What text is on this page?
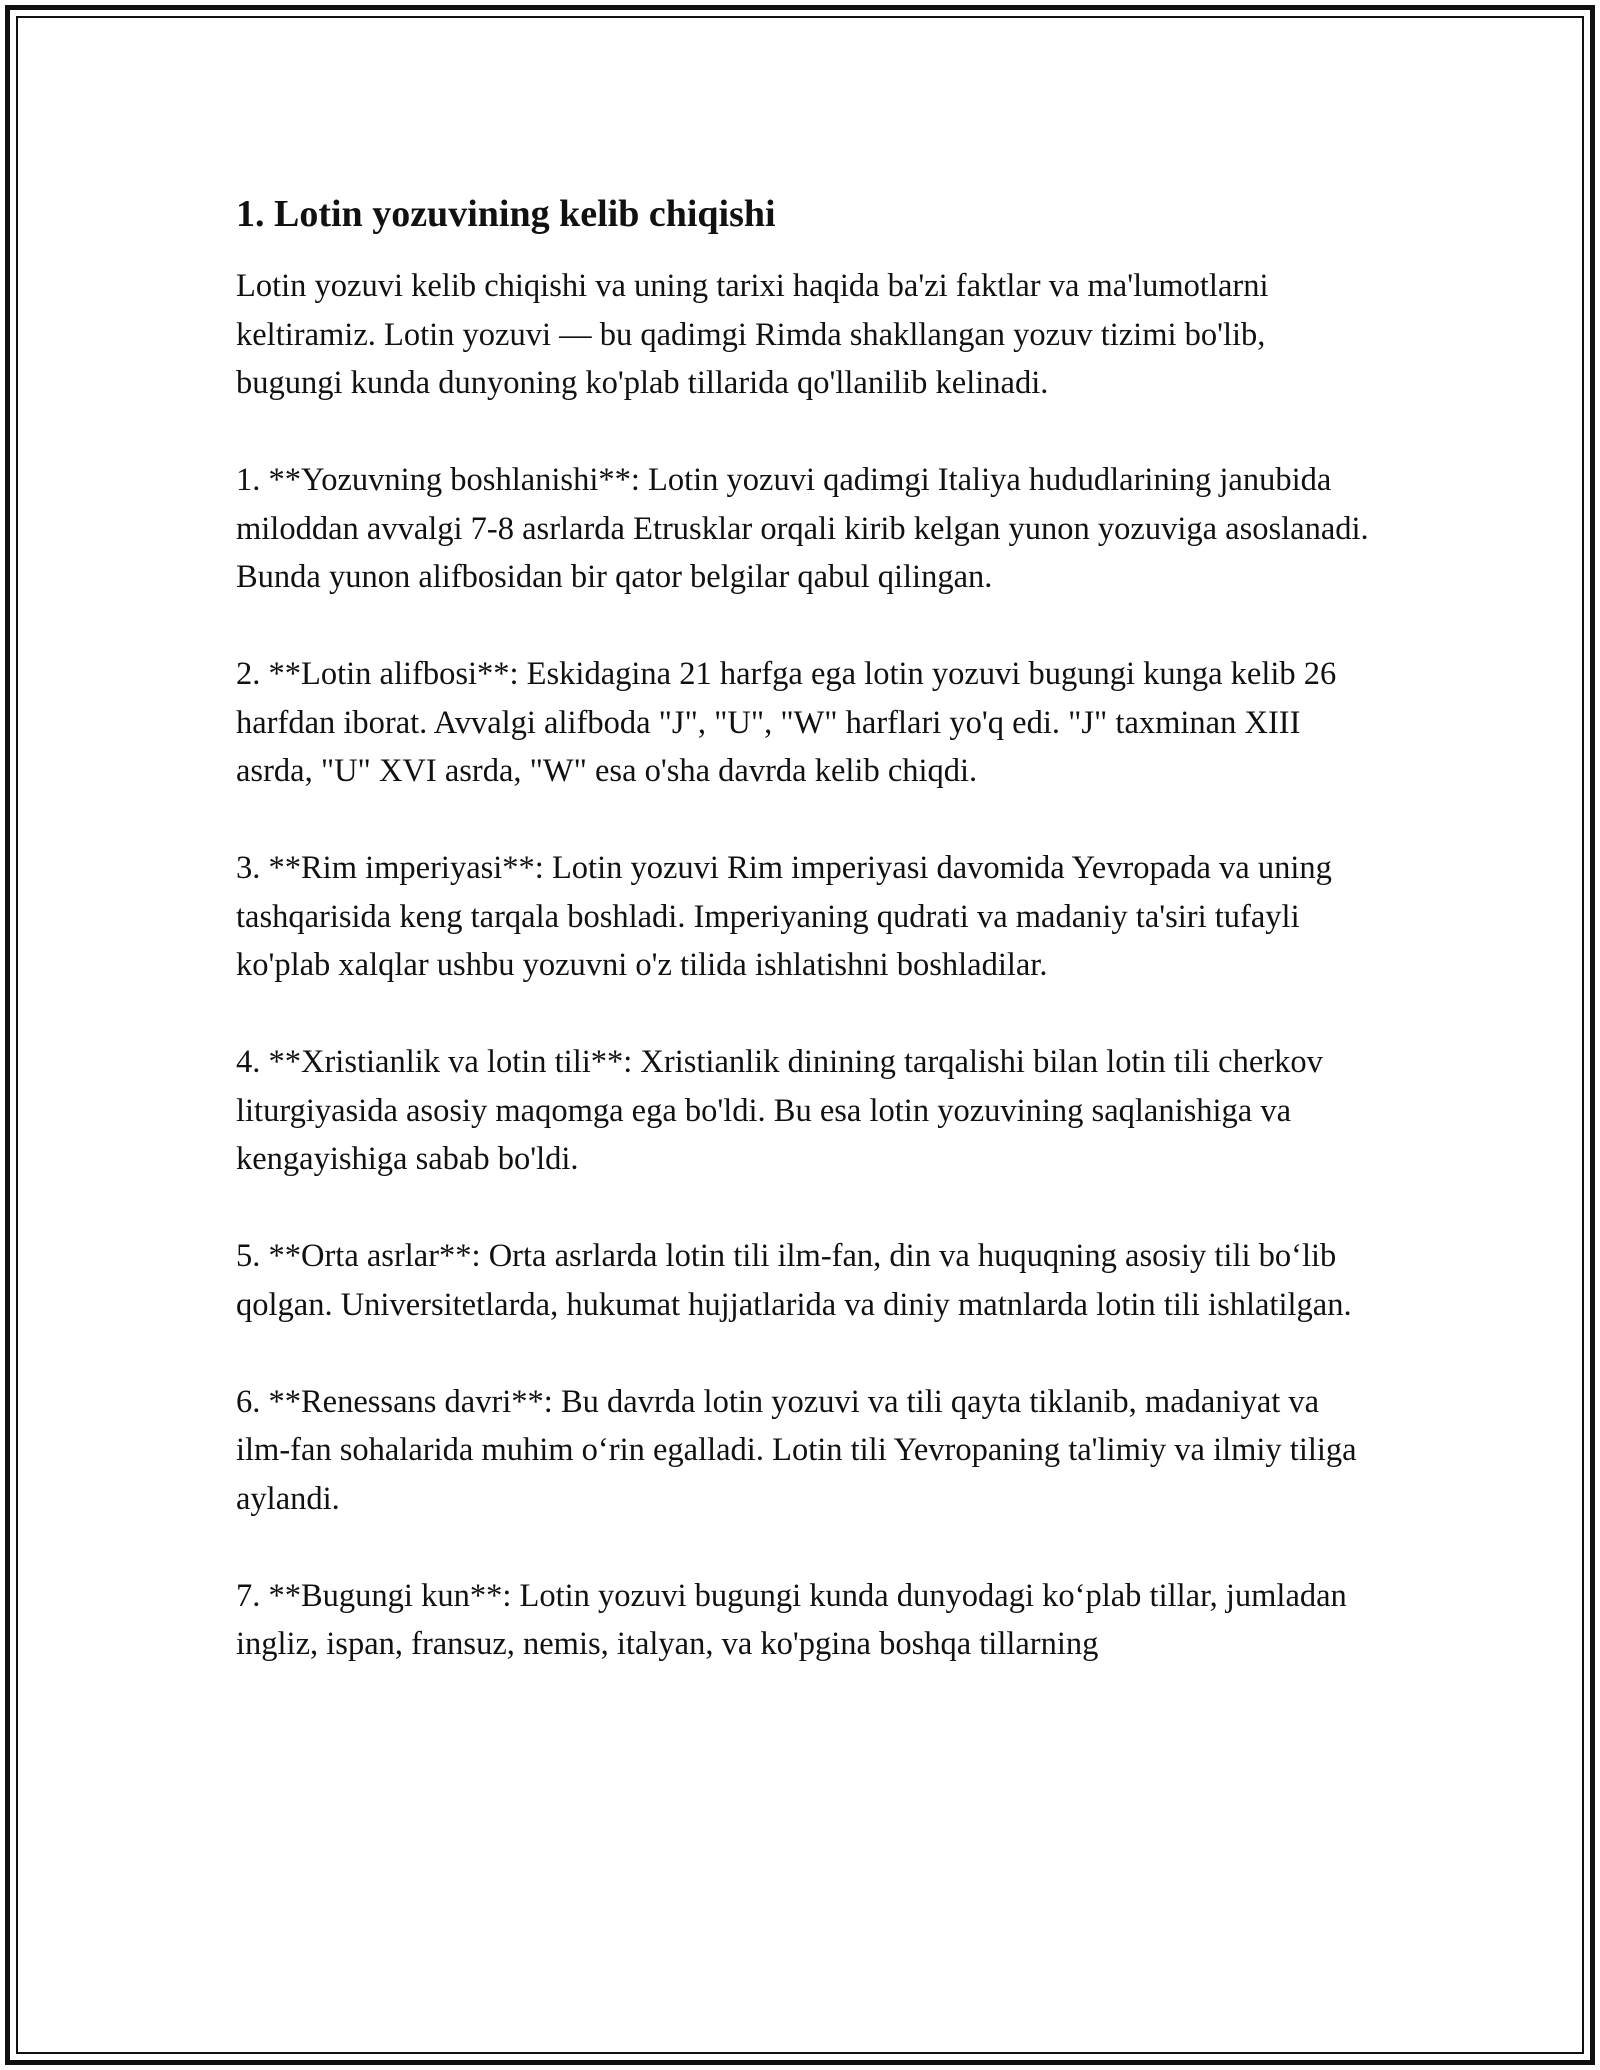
1. Lotin yozuvining kelib chiqishi

Lotin yozuvi kelib chiqishi va uning tarixi haqida ba'zi faktlar va ma'lumotlarni keltiramiz. Lotin yozuvi — bu qadimgi Rimda shakllangan yozuv tizimi bo'lib, bugungi kunda dunyoning ko'plab tillarida qo'llanilib kelinadi.

1. **Yozuvning boshlanishi**: Lotin yozuvi qadimgi Italiya hududlarining janubida miloddan avvalgi 7-8 asrlarda Etrusklar orqali kirib kelgan yunon yozuviga asoslanadi. Bunda yunon alifbosidan bir qator belgilar qabul qilingan.

2. **Lotin alifbosi**: Eskidagina 21 harfga ega lotin yozuvi bugungi kunga kelib 26 harfdan iborat. Avvalgi alifboda "J", "U", "W" harflari yo'q edi. "J" taxminan XIII asrda, "U" XVI asrda, "W" esa o'sha davrda kelib chiqdi.

3. **Rim imperiyasi**: Lotin yozuvi Rim imperiyasi davomida Yevropada va uning tashqarisida keng tarqala boshladi. Imperiyaning qudrati va madaniy ta'siri tufayli ko'plab xalqlar ushbu yozuvni o'z tilida ishlatishni boshladilar.

4. **Xristianlik va lotin tili**: Xristianlik dinining tarqalishi bilan lotin tili cherkov liturgiyasida asosiy maqomga ega bo'ldi. Bu esa lotin yozuvining saqlanishiga va kengayishiga sabab bo'ldi.

5. **Orta asrlar**: Orta asrlarda lotin tili ilm-fan, din va huquqning asosiy tili bo‘lib qolgan. Universitetlarda, hukumat hujjatlarida va diniy matnlarda lotin tili ishlatilgan.

6. **Renessans davri**: Bu davrda lotin yozuvi va tili qayta tiklanib, madaniyat va ilm-fan sohalarida muhim o‘rin egalladi. Lotin tili Yevropaning ta'limiy va ilmiy tiliga aylandi.

7. **Bugungi kun**: Lotin yozuvi bugungi kunda dunyodagi ko‘plab tillar, jumladan ingliz, ispan, fransuz, nemis, italyan, va ko'pgina boshqa tillarning
